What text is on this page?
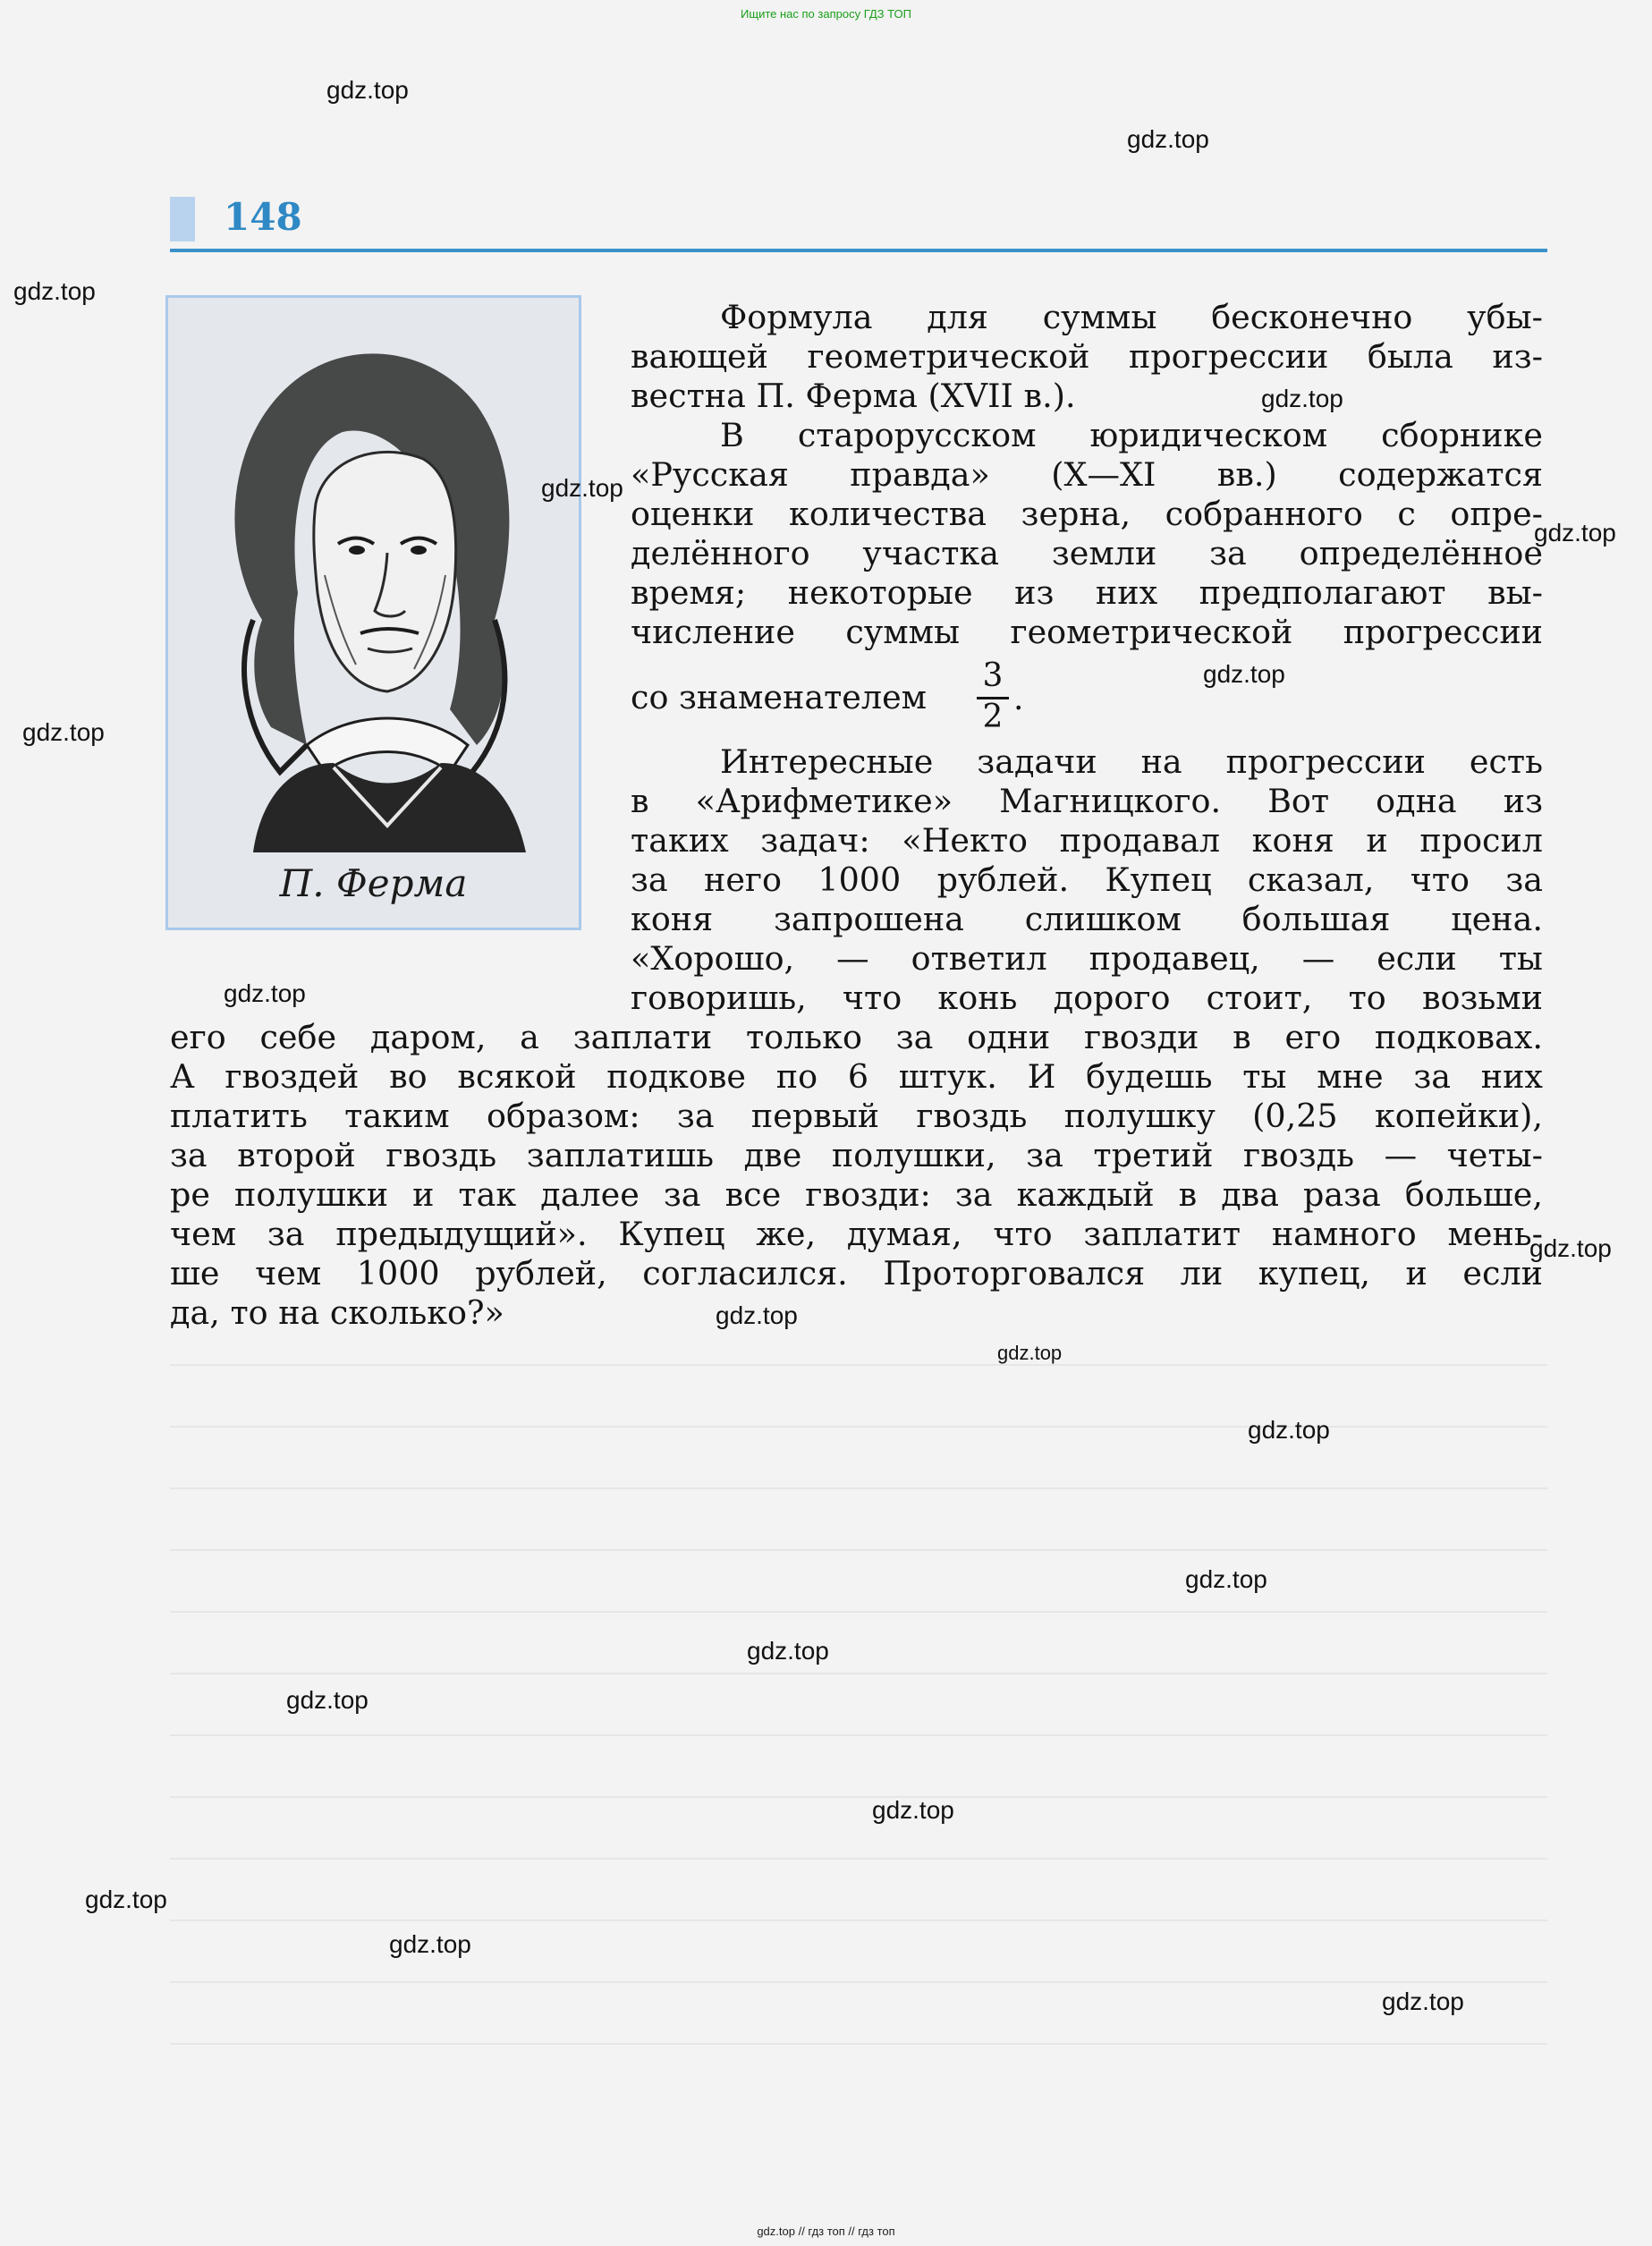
Ищите нас по запросу ГДЗ ТОП
gdz.top // гдз топ // гдз топ
148
П. Ферма
Формула для суммы бесконечно убы-
вающей геометрической прогрессии была из-
вестна П. Ферма (XVII в.).
В старорусском юридическом сборнике
«Русская правда» (X—XI вв.) содержатся
оценки количества зерна, собранного с опре-
делённого участка земли за определённое
время; некоторые из них предполагают вы-
числение суммы геометрической прогрессии
со знаменателем
3
2 .
Интересные задачи на прогрессии есть
в «Арифметике» Магницкого. Вот одна из
таких задач: «Некто продавал коня и просил
за него 1000 рублей. Купец сказал, что за
коня запрошена слишком большая цена.
«Хорошо, — ответил продавец, — если ты
говоришь, что конь дорого стоит, то возьми
его себе даром, а заплати только за одни гвозди в его подковах.
А гвоздей во всякой подкове по 6 штук. И будешь ты мне за них
платить таким образом: за первый гвоздь полушку (0,25 копейки),
за второй гвоздь заплатишь две полушки, за третий гвоздь — четы-
ре полушки и так далее за все гвозди: за каждый в два раза больше,
чем за предыдущий». Купец же, думая, что заплатит намного мень-
ше чем 1000 рублей, согласился. Проторговался ли купец, и если
да, то на сколько?»
gdz.top
gdz.top
gdz.top
gdz.top
gdz.top
gdz.top
gdz.top
gdz.top
gdz.top
gdz.top
gdz.top
gdz.top
gdz.top
gdz.top
gdz.top
gdz.top
gdz.top
gdz.top
gdz.top
gdz.top
